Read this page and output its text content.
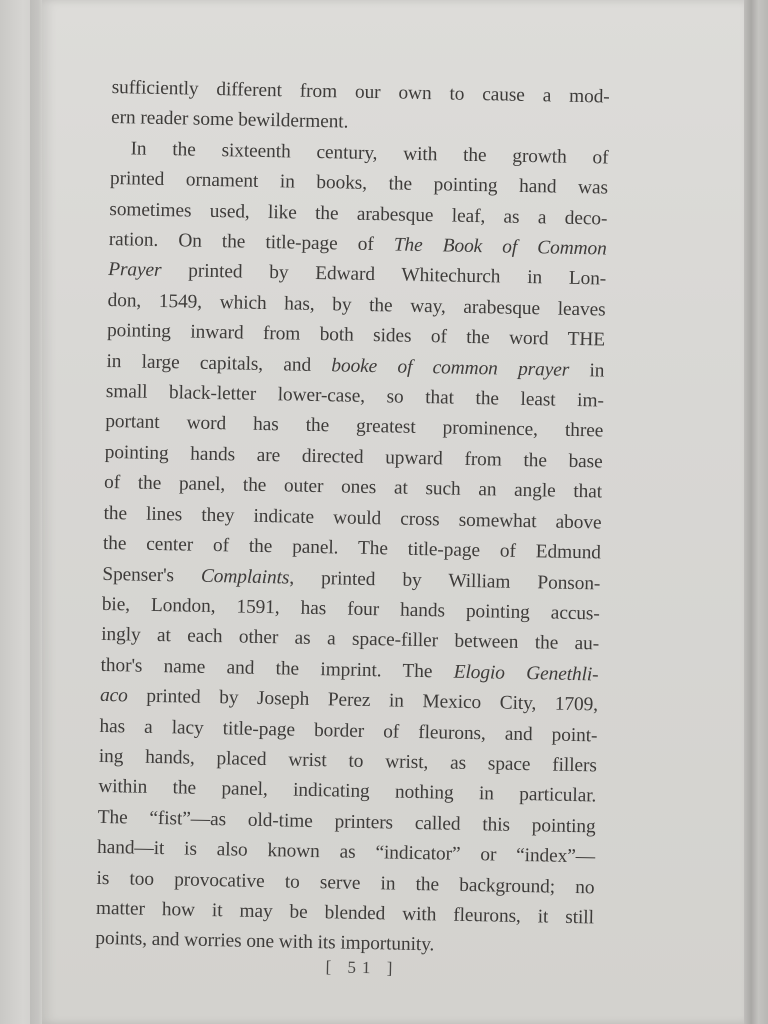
sufficiently different from our own to cause a mod-
ern reader some bewilderment.
In the sixteenth century, with the growth of
printed ornament in books, the pointing hand was
sometimes used, like the arabesque leaf, as a deco-
ration. On the title-page of The Book of Common
Prayer printed by Edward Whitechurch in Lon-
don, 1549, which has, by the way, arabesque leaves
pointing inward from both sides of the word THE
in large capitals, and booke of common prayer in
small black-letter lower-case, so that the least im-
portant word has the greatest prominence, three
pointing hands are directed upward from the base
of the panel, the outer ones at such an angle that
the lines they indicate would cross somewhat above
the center of the panel. The title-page of Edmund
Spenser's Complaints, printed by William Ponson-
bie, London, 1591, has four hands pointing accus-
ingly at each other as a space-filler between the au-
thor's name and the imprint. The Elogio Genethli-
aco printed by Joseph Perez in Mexico City, 1709,
has a lacy title-page border of fleurons, and point-
ing hands, placed wrist to wrist, as space fillers
within the panel, indicating nothing in particular.
The “fist”—as old-time printers called this pointing
hand—it is also known as “indicator” or “index”—
is too provocative to serve in the background; no
matter how it may be blended with fleurons, it still
points, and worries one with its importunity.
[ 51 ]
